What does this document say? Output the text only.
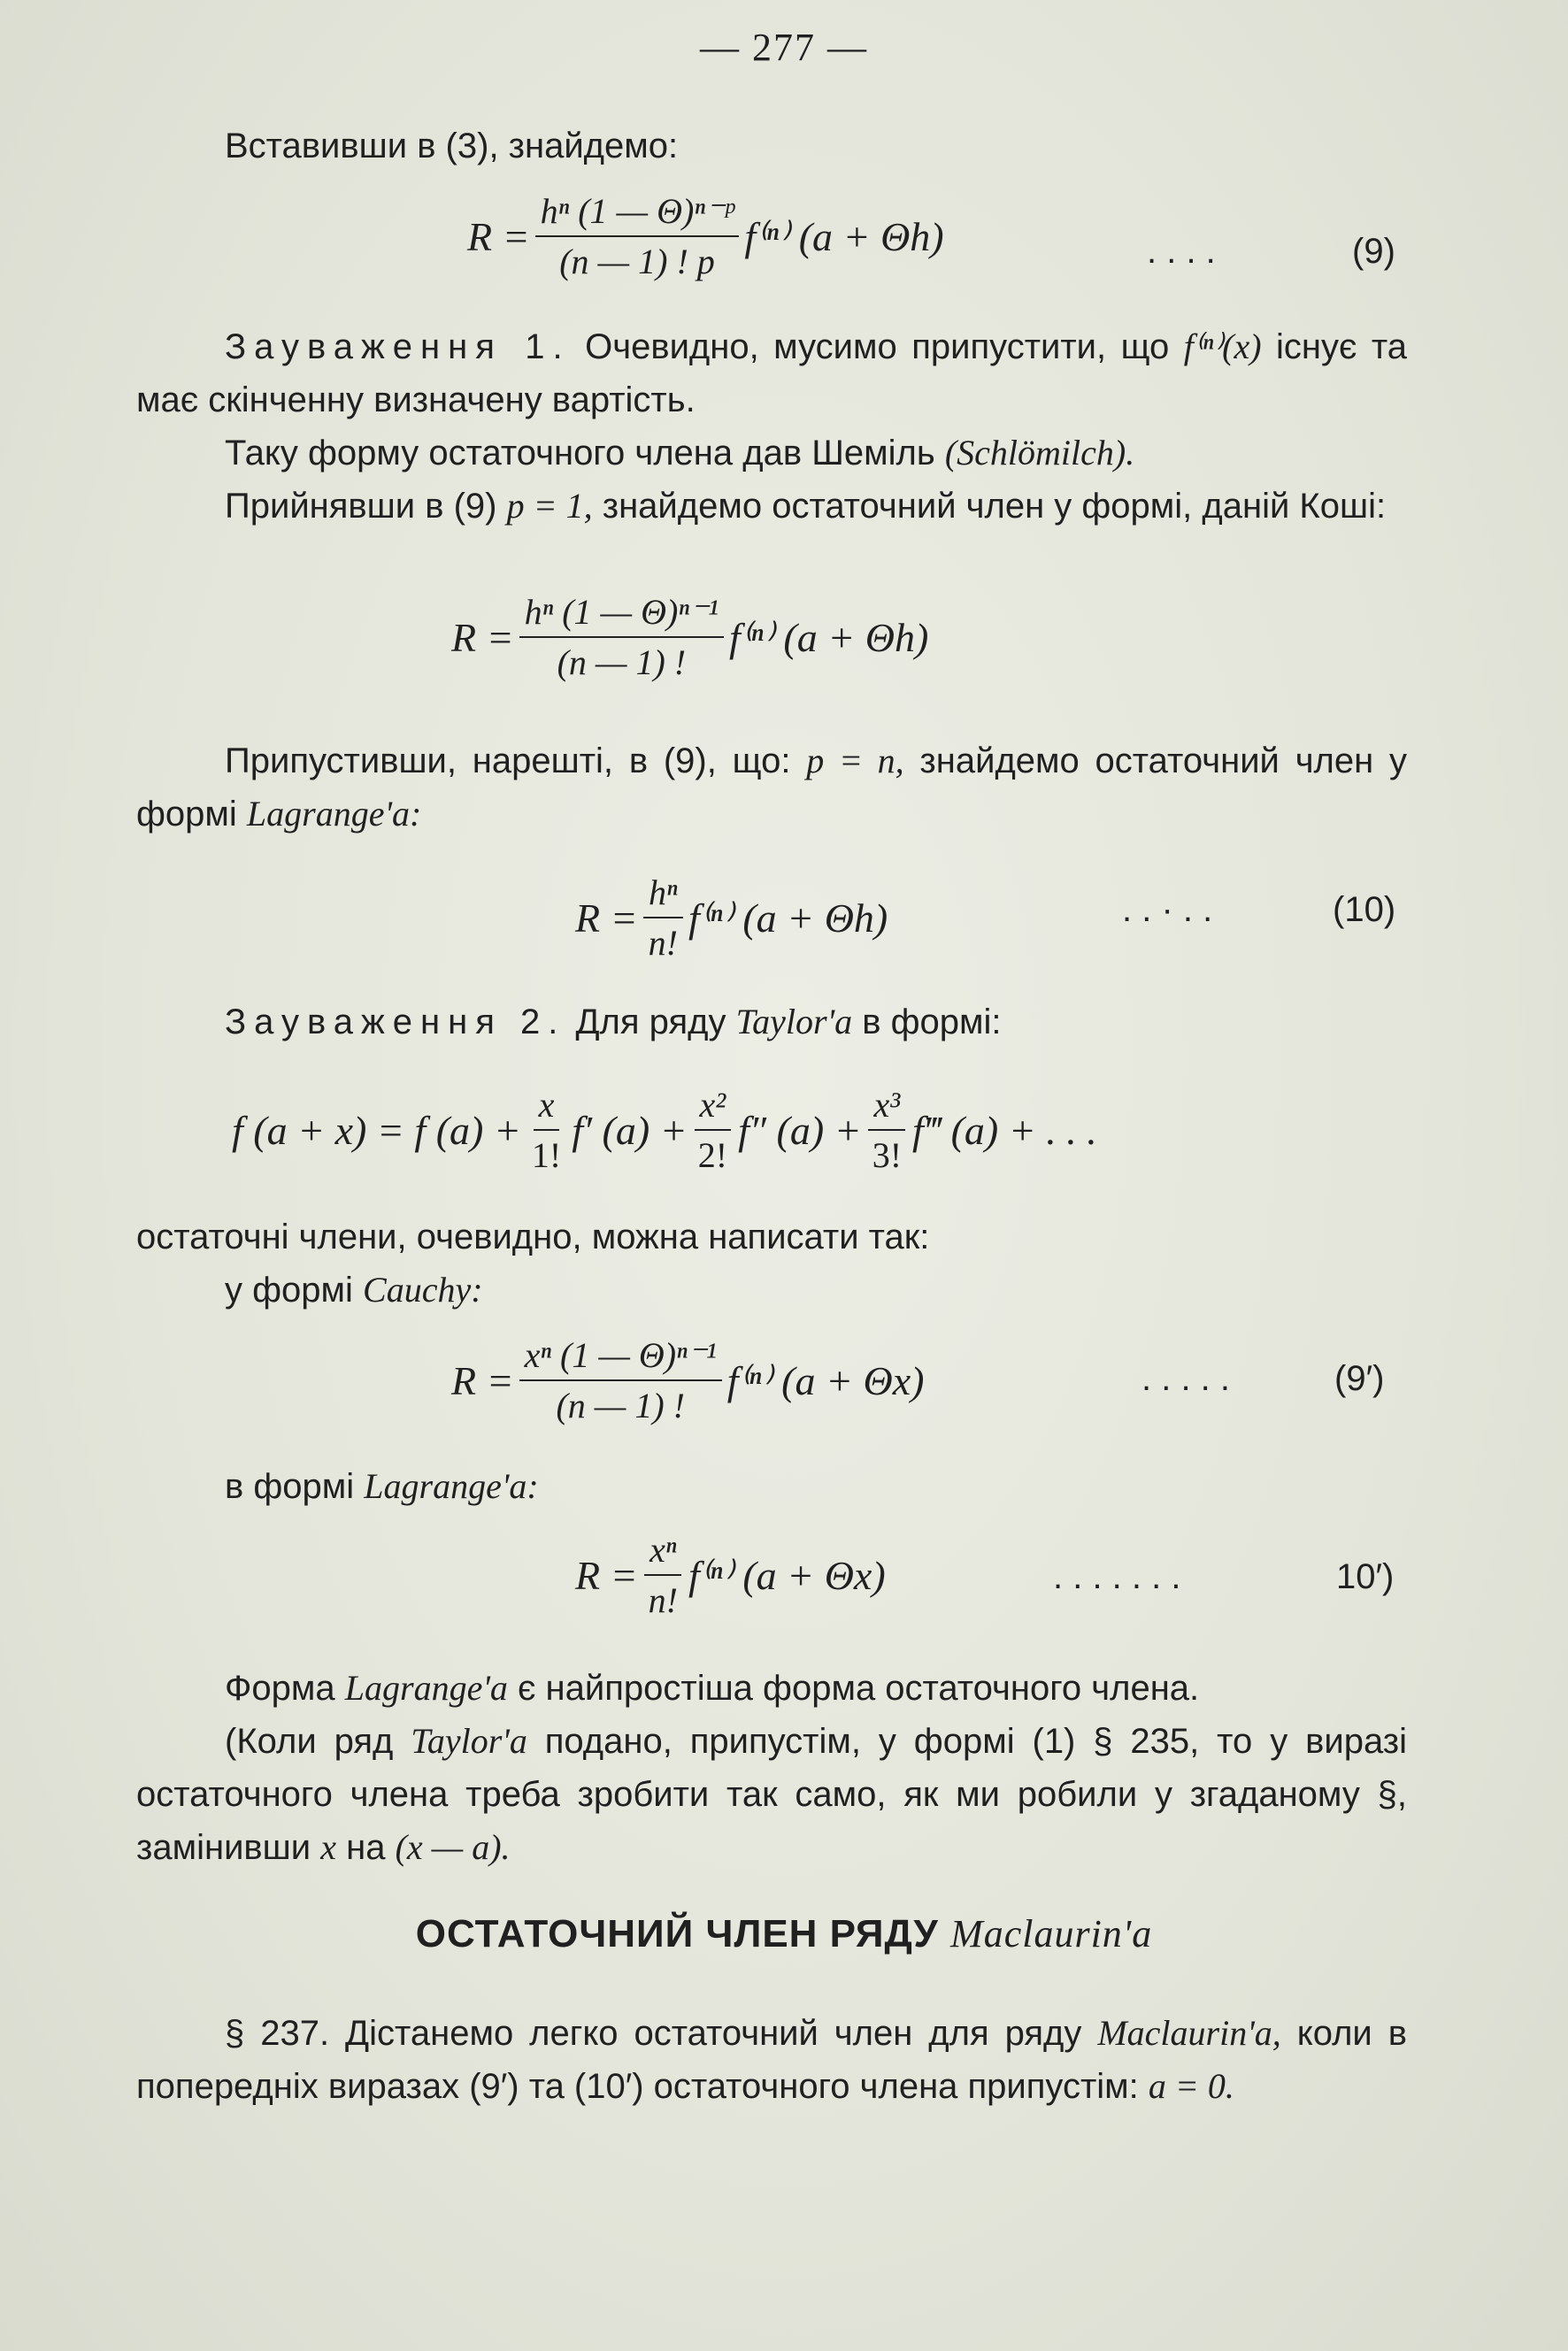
— 277 —

Вставивши в (3), знайдемо:

$R = \frac{\text{hⁿ (1 — Θ)ⁿ⁻ᵖ}}{(n — 1) ! p} f^{(n)}$ (a + Θh)	. . . .	(9)

Зауваження 1. Очевидно, мусимо припустити, що f⁽ⁿ⁾(x) існує та має скінченну визначену вартість.

Таку форму остаточного члена дав Шеміль (Schlömilch).

Прийнявши в (9) p = 1, знайдемо остаточний член у формі, даній Коші:

$R = \frac{\text{hⁿ (1 — Θ)ⁿ⁻¹}}{(n — 1) !} f^{(n)}$ (a + Θh)

Припустивши, нарешті, в (9), що: p = n, знайдемо остаточний член у формі Lagrange'a:

$R = \frac{\text{hⁿ}}{n!} f^{(n)}$ (a + Θh)	. . · . .	(10)

Зауваження 2. Для ряду Taylor'a в формі:

f (a + x) = f $(a) + \frac{x}{1!} f'$ $(a) + \frac{\text{x²}}{2!} f''$ $(a) + \frac{\text{x³}}{3!}$ f‴ (a) + . . .

остаточні члени, очевидно, можна написати так:

у формі Cauchy:

$R = \frac{\text{xⁿ (1 — Θ)ⁿ⁻¹}}{(n — 1) !} f^{(n)}$ (a + Θx)	. . . . .	(9′)

в формі Lagrange'a:

$R = \frac{\text{xⁿ}}{n!} f^{(n)}$ (a + Θx)	. . . . . . .	10′)

Форма Lagrange'a є найпростіша форма остаточного члена.

(Коли ряд Taylor'a подано, припустім, у формі (1) § 235, то у виразі остаточного члена треба зробити так само, як ми робили у згаданому §, замінивши x на (x — a).

ОСТАТОЧНИЙ ЧЛЕН РЯДУ Maclaurin'a

§ 237. Дістанемо легко остаточний член для ряду Maclaurin'a, коли в попередніх виразах (9′) та (10′) остаточного члена припустім: a = 0.
